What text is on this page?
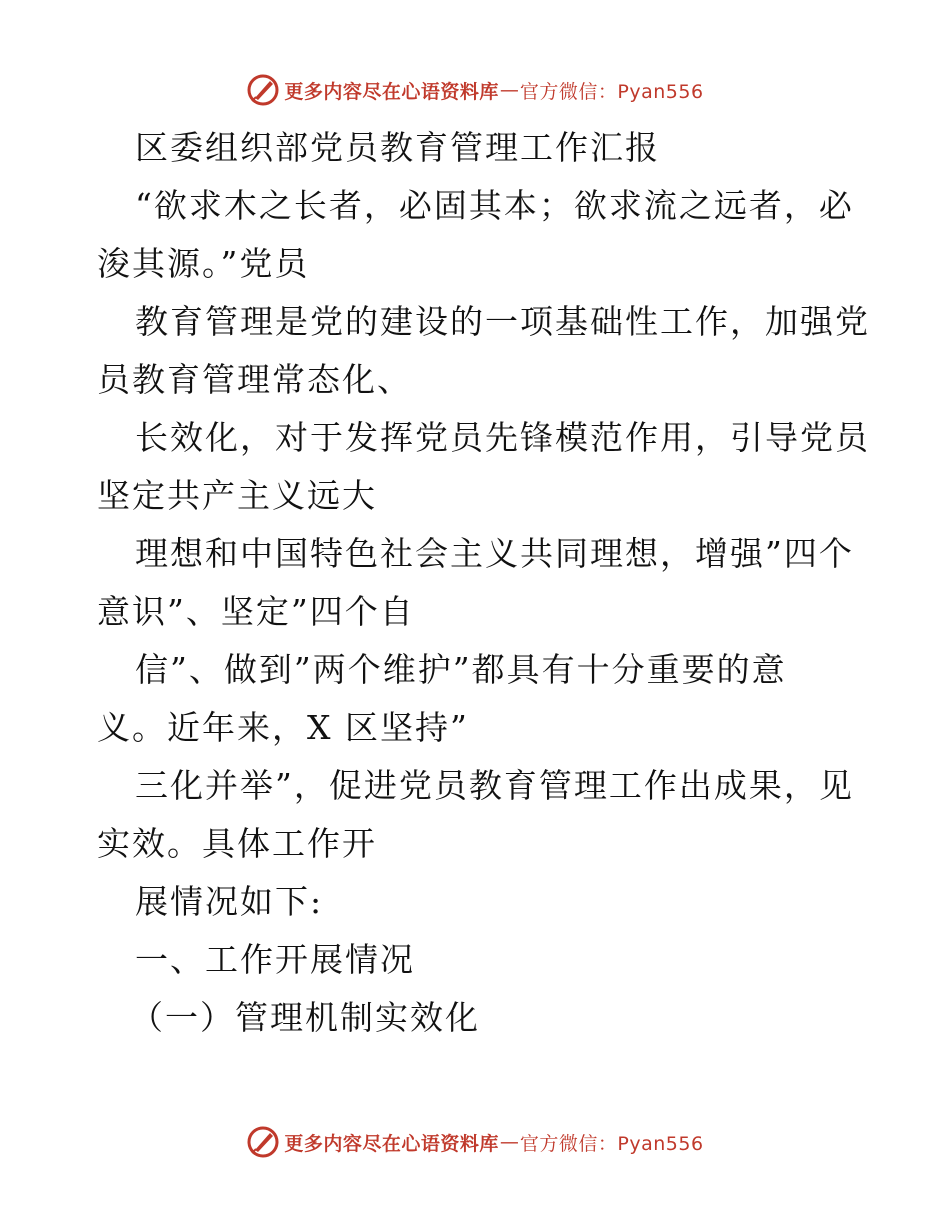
更多内容尽在心语资料库 — 官方微信：Pyan556
区委组织部党员教育管理工作汇报
“欲求木之长者，必固其本；欲求流之远者，必
浚其源。”党员
教育管理是党的建设的一项基础性工作，加强党
员教育管理常态化、
长效化，对于发挥党员先锋模范作用，引导党员
坚定共产主义远大
理想和中国特色社会主义共同理想，增强”四个
意识”、坚定”四个自
信”、做到”两个维护”都具有十分重要的意
义。近年来，X 区坚持”
三化并举”，促进党员教育管理工作出成果，见
实效。具体工作开
展情况如下:
一、工作开展情况
（一）管理机制实效化
更多内容尽在心语资料库 — 官方微信：Pyan556
